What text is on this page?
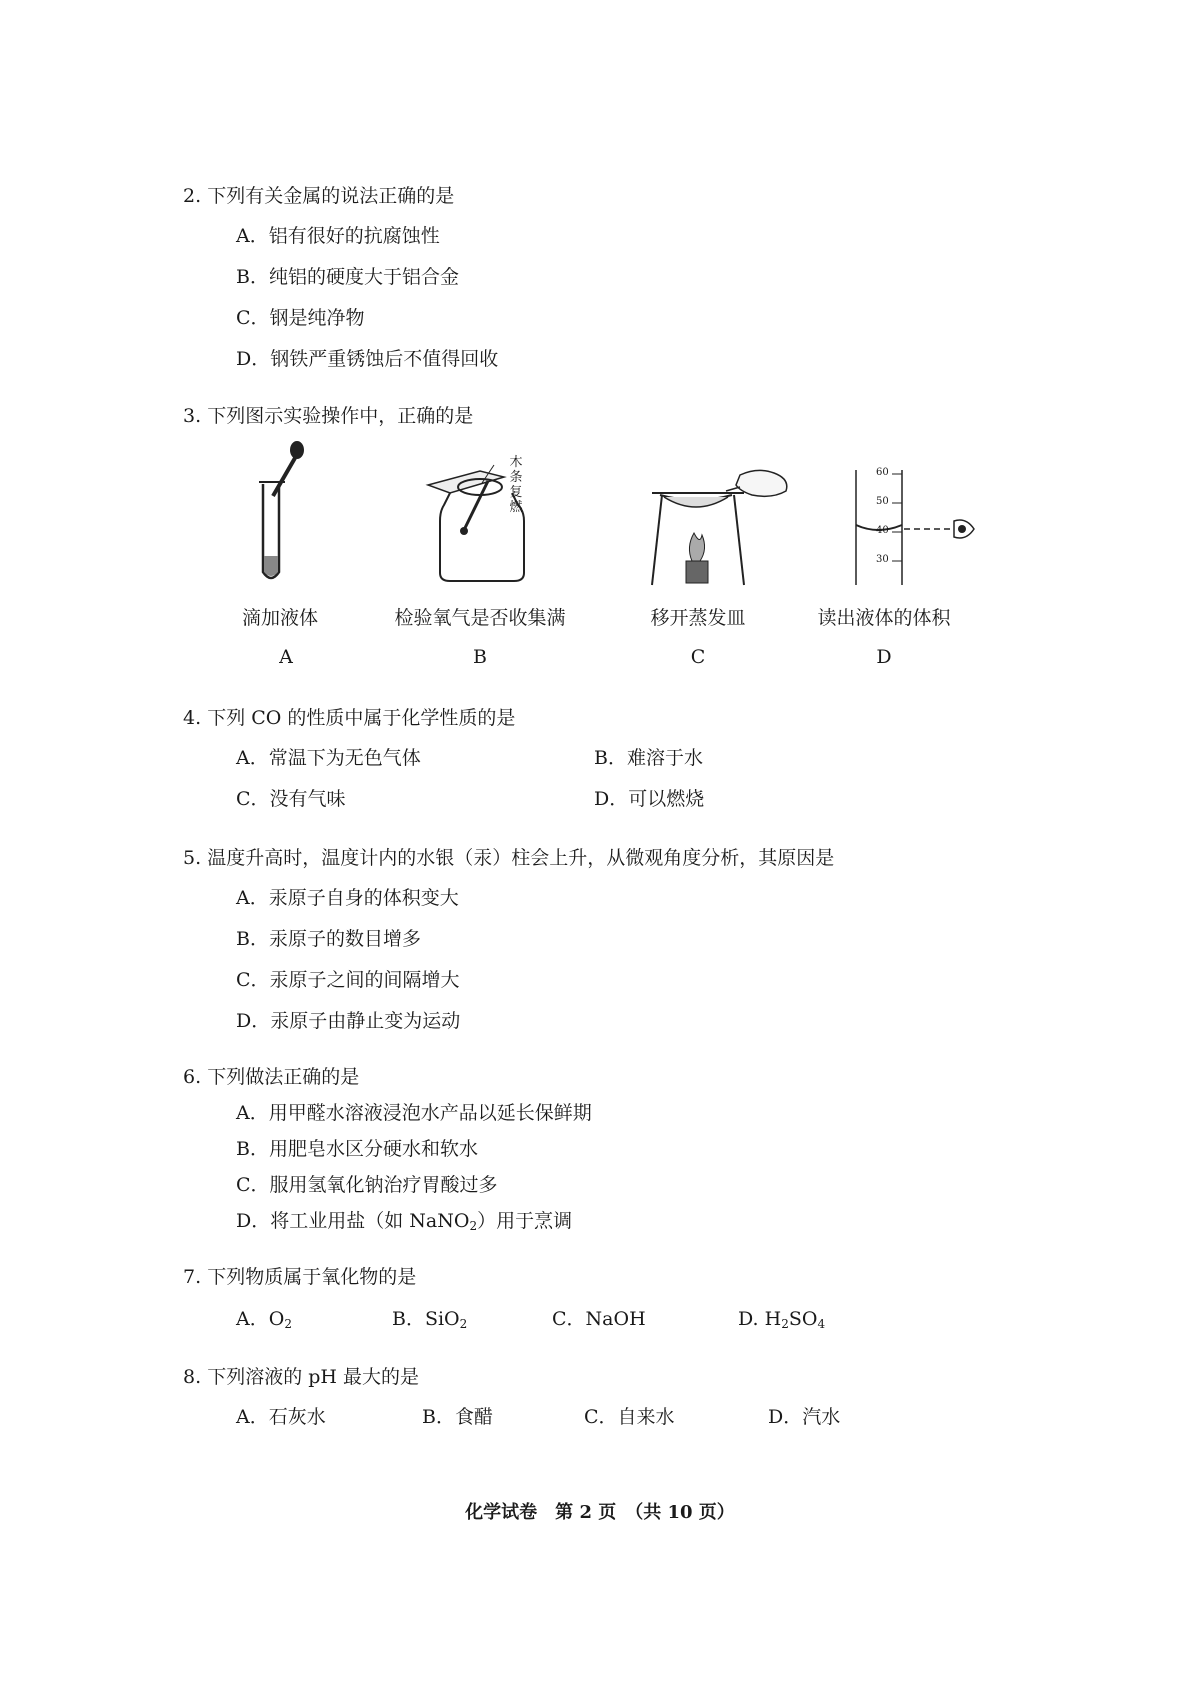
2. 下列有关金属的说法正确的是
A．铝有很好的抗腐蚀性
B．纯铝的硬度大于铝合金
C．钢是纯净物
D．钢铁严重锈蚀后不值得回收
3. 下列图示实验操作中，正确的是
木
条
复
燃
60
50
40
30
滴加液体	检验氧气是否收集满	移开蒸发皿	读出液体的体积
A	B	C	D
4. 下列 CO 的性质中属于化学性质的是
A．常温下为无色气体	B．难溶于水
C．没有气味	D．可以燃烧
5. 温度升高时，温度计内的水银（汞）柱会上升，从微观角度分析，其原因是
A．汞原子自身的体积变大
B．汞原子的数目增多
C．汞原子之间的间隔增大
D．汞原子由静止变为运动
6. 下列做法正确的是
A．用甲醛水溶液浸泡水产品以延长保鲜期
B．用肥皂水区分硬水和软水
C．服用氢氧化钠治疗胃酸过多
D．将工业用盐（如 NaNO$_2$）用于烹调
7. 下列物质属于氧化物的是
A．$O_2$	B．SiO$_2$	C．NaOH	D. $H_2SO_4$
8. 下列溶液的 pH 最大的是
A．石灰水	B．食醋	C．自来水	D．汽水
化学试卷　第 2 页　（共 10 页）
